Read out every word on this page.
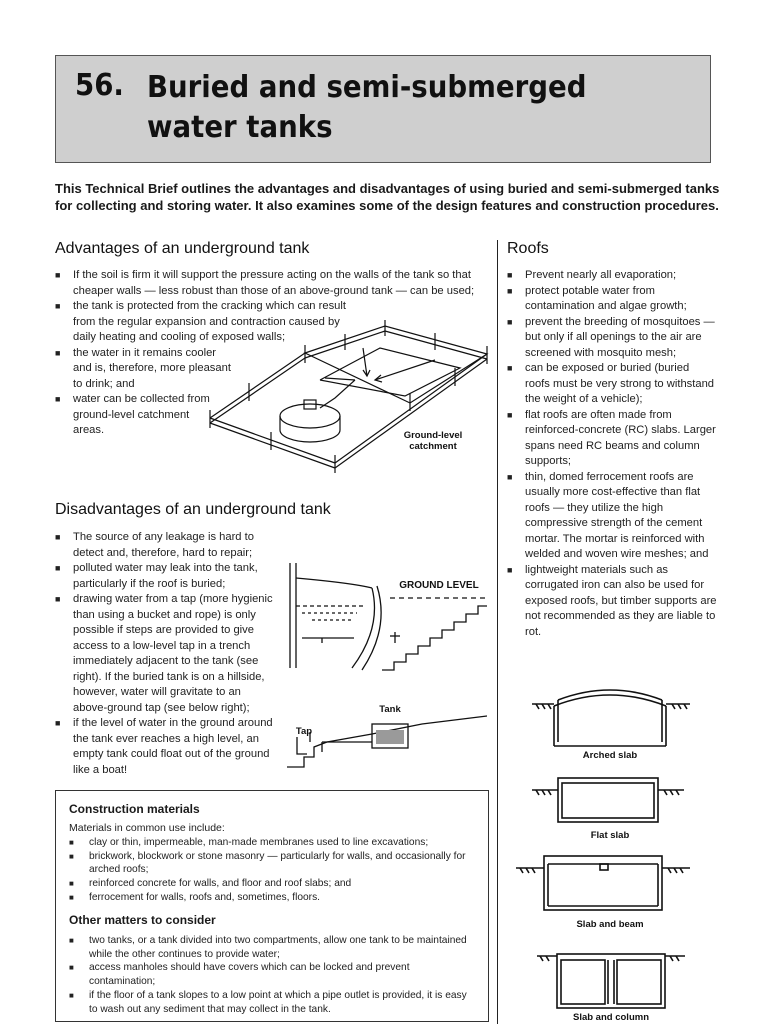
56. Buried and semi-submerged water tanks
This Technical Brief outlines the advantages and disadvantages of using buried and semi-submerged tanks for collecting and storing water. It also examines some of the design features and construction procedures.
Advantages of an underground tank
■ If the soil is firm it will support the pressure acting on the walls of the tank so that cheaper walls — less robust than those of an above-ground tank — can be used;
■ the tank is protected from the cracking which can result from the regular expansion and contraction caused by daily heating and cooling of exposed walls;
■ the water in it remains cooler and is, therefore, more pleasant to drink; and
■ water can be collected from ground-level catchment areas.	Ground-level catchment
Disadvantages of an underground tank
■ The source of any leakage is hard to detect and, therefore, hard to repair;
■ polluted water may leak into the tank, particularly if the roof is buried;
■ drawing water from a tap (more hygienic than using a bucket and rope) is only possible if steps are provided to give access to a low-level tap in a trench immediately adjacent to the tank (see right). If the buried tank is on a hillside, however, water will gravitate to an above-ground tap (see below right);
■ if the level of water in the ground around the tank ever reaches a high level, an empty tank could float out of the ground like a boat!
GROUND LEVEL
Tank
Tap
Roofs
■ Prevent nearly all evaporation;
■ protect potable water from contamination and algae growth;
■ prevent the breeding of mosquitoes — but only if all openings to the air are screened with mosquito mesh;
■ can be exposed or buried (buried roofs must be very strong to withstand the weight of a vehicle);
■ flat roofs are often made from reinforced-concrete (RC) slabs. Larger spans need RC beams and column supports;
■ thin, domed ferrocement roofs are usually more cost-effective than flat roofs — they utilize the high compressive strength of the cement mortar. The mortar is reinforced with welded and woven wire meshes; and
■ lightweight materials such as corrugated iron can also be used for exposed roofs, but timber supports are not recommended as they are liable to rot.
Arched slab
Flat slab
Slab and beam
Slab and column
Construction materials

Materials in common use include:

■ clay or thin, impermeable, man-made membranes used to line excavations;
■ brickwork, blockwork or stone masonry — particularly for walls, and occasionally for arched roofs;
■ reinforced concrete for walls, and floor and roof slabs; and
■ ferrocement for walls, roofs and, sometimes, floors.
Other matters to consider
■ two tanks, or a tank divided into two compartments, allow one tank to be maintained while the other continues to provide water;
■ access manholes should have covers which can be locked and prevent contamination;
■ if the floor of a tank slopes to a low point at which a pipe outlet is provided, it is easy to wash out any sediment that may collect in the tank.
